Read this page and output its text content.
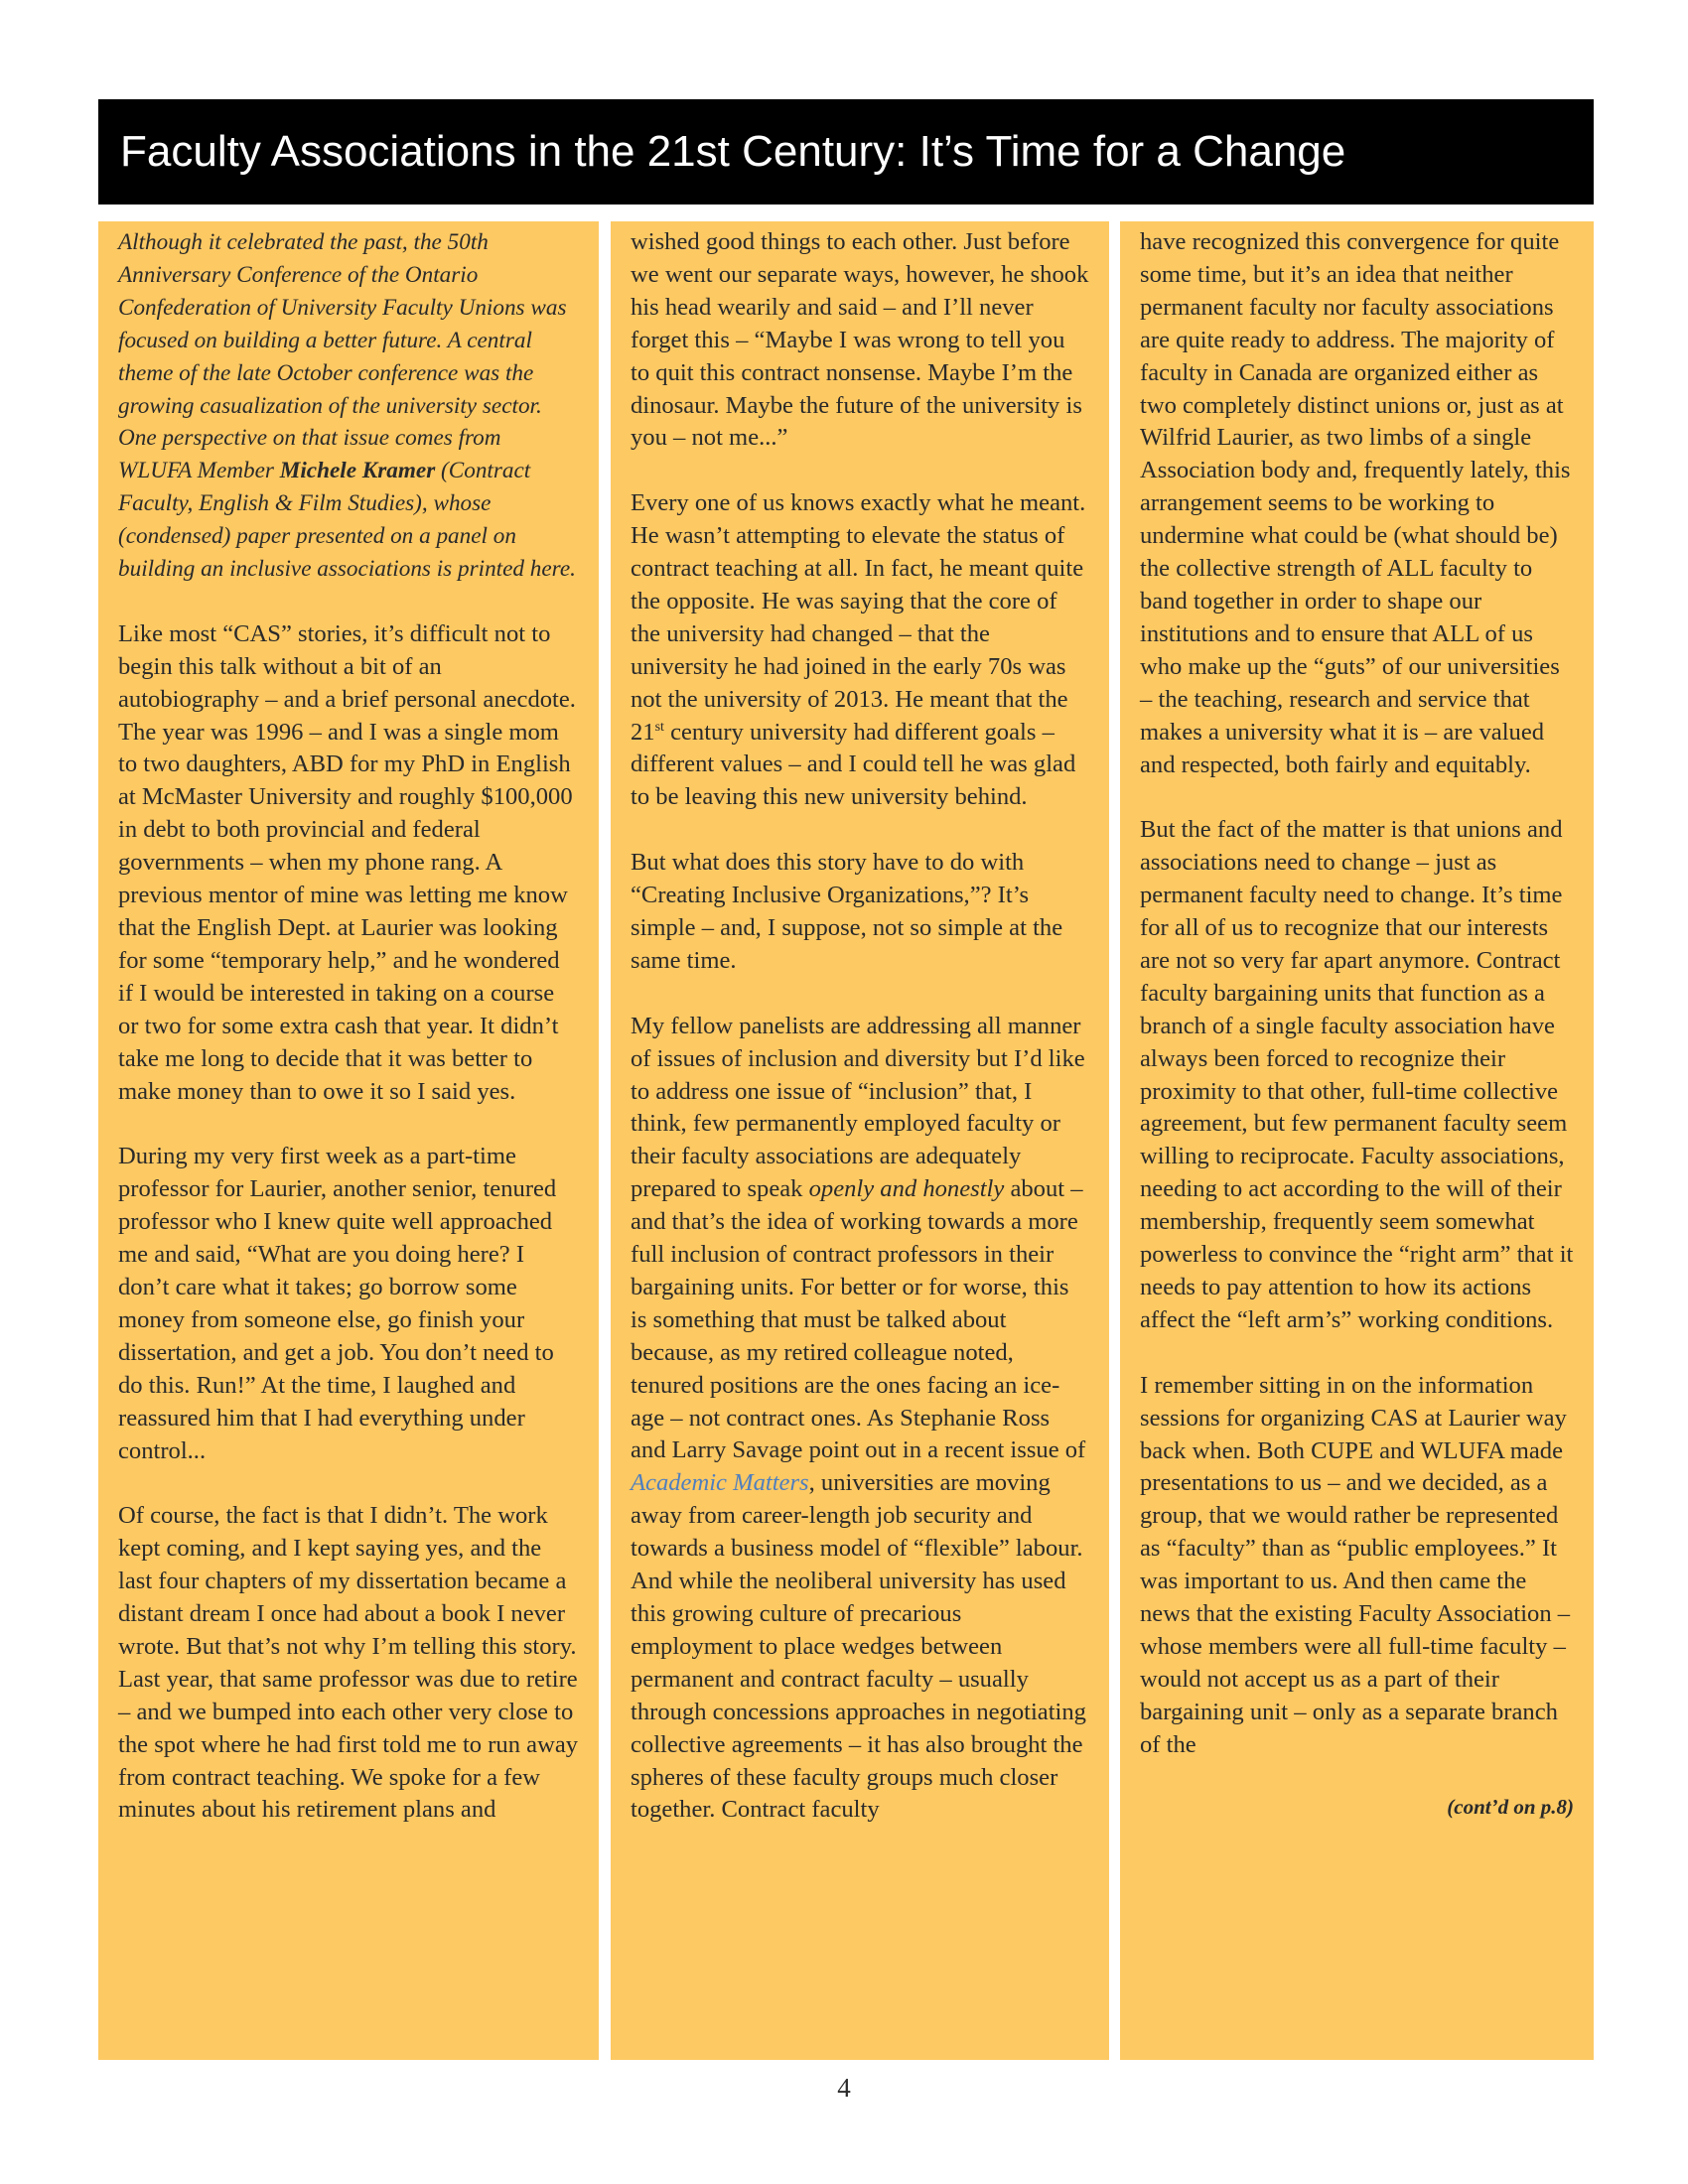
Faculty Associations in the 21st Century: It’s Time for a Change

Although it celebrated the past, the 50th Anniversary Conference of the Ontario Confederation of University Faculty Unions was focused on building a better future. A central theme of the late October conference was the growing casualization of the university sector. One perspective on that issue comes from WLUFA Member Michele Kramer (Contract Faculty, English & Film Studies), whose (condensed) paper presented on a panel on building an inclusive associations is printed here.

Like most “CAS” stories, it’s difficult not to begin this talk without a bit of an autobiography – and a brief personal anecdote. The year was 1996 – and I was a single mom to two daughters, ABD for my PhD in English at McMaster University and roughly $100,000 in debt to both provincial and federal governments – when my phone rang. A previous mentor of mine was letting me know that the English Dept. at Laurier was looking for some “temporary help,” and he wondered if I would be interested in taking on a course or two for some extra cash that year. It didn’t take me long to decide that it was better to make money than to owe it so I said yes.

During my very first week as a part-time professor for Laurier, another senior, tenured professor who I knew quite well approached me and said, “What are you doing here? I don’t care what it takes; go borrow some money from someone else, go finish your dissertation, and get a job. You don’t need to do this. Run!” At the time, I laughed and reassured him that I had everything under control...

Of course, the fact is that I didn’t. The work kept coming, and I kept saying yes, and the last four chapters of my dissertation became a distant dream I once had about a book I never wrote. But that’s not why I’m telling this story. Last year, that same professor was due to retire – and we bumped into each other very close to the spot where he had first told me to run away from contract teaching. We spoke for a few minutes about his retirement plans and

wished good things to each other. Just before we went our separate ways, however, he shook his head wearily and said – and I’ll never forget this – “Maybe I was wrong to tell you to quit this contract nonsense. Maybe I’m the dinosaur. Maybe the future of the university is you – not me...”

Every one of us knows exactly what he meant. He wasn’t attempting to elevate the status of contract teaching at all. In fact, he meant quite the opposite. He was saying that the core of the university had changed – that the university he had joined in the early 70s was not the university of 2013. He meant that the 21st century university had different goals – different values – and I could tell he was glad to be leaving this new university behind.

But what does this story have to do with “Creating Inclusive Organizations,”? It’s simple – and, I suppose, not so simple at the same time.

My fellow panelists are addressing all manner of issues of inclusion and diversity but I’d like to address one issue of “inclusion” that, I think, few permanently employed faculty or their faculty associations are adequately prepared to speak openly and honestly about – and that’s the idea of working towards a more full inclusion of contract professors in their bargaining units. For better or for worse, this is something that must be talked about because, as my retired colleague noted, tenured positions are the ones facing an ice-age – not contract ones. As Stephanie Ross and Larry Savage point out in a recent issue of Academic Matters, universities are moving away from career-length job security and towards a business model of “flexible” labour. And while the neoliberal university has used this growing culture of precarious employment to place wedges between permanent and contract faculty – usually through concessions approaches in negotiating collective agreements – it has also brought the spheres of these faculty groups much closer together. Contract faculty

have recognized this convergence for quite some time, but it’s an idea that neither permanent faculty nor faculty associations are quite ready to address. The majority of faculty in Canada are organized either as two completely distinct unions or, just as at Wilfrid Laurier, as two limbs of a single Association body and, frequently lately, this arrangement seems to be working to undermine what could be (what should be) the collective strength of ALL faculty to band together in order to shape our institutions and to ensure that ALL of us who make up the “guts” of our universities – the teaching, research and service that makes a university what it is – are valued and respected, both fairly and equitably.

But the fact of the matter is that unions and associations need to change – just as permanent faculty need to change. It’s time for all of us to recognize that our interests are not so very far apart anymore. Contract faculty bargaining units that function as a branch of a single faculty association have always been forced to recognize their proximity to that other, full-time collective agreement, but few permanent faculty seem willing to reciprocate. Faculty associations, needing to act according to the will of their membership, frequently seem somewhat powerless to convince the “right arm” that it needs to pay attention to how its actions affect the “left arm’s” working conditions.

I remember sitting in on the information sessions for organizing CAS at Laurier way back when. Both CUPE and WLUFA made presentations to us – and we decided, as a group, that we would rather be represented as “faculty” than as “public employees.” It was important to us. And then came the news that the existing Faculty Association – whose members were all full-time faculty – would not accept us as a part of their bargaining unit – only as a separate branch of the

(cont’d on p.8)

4
